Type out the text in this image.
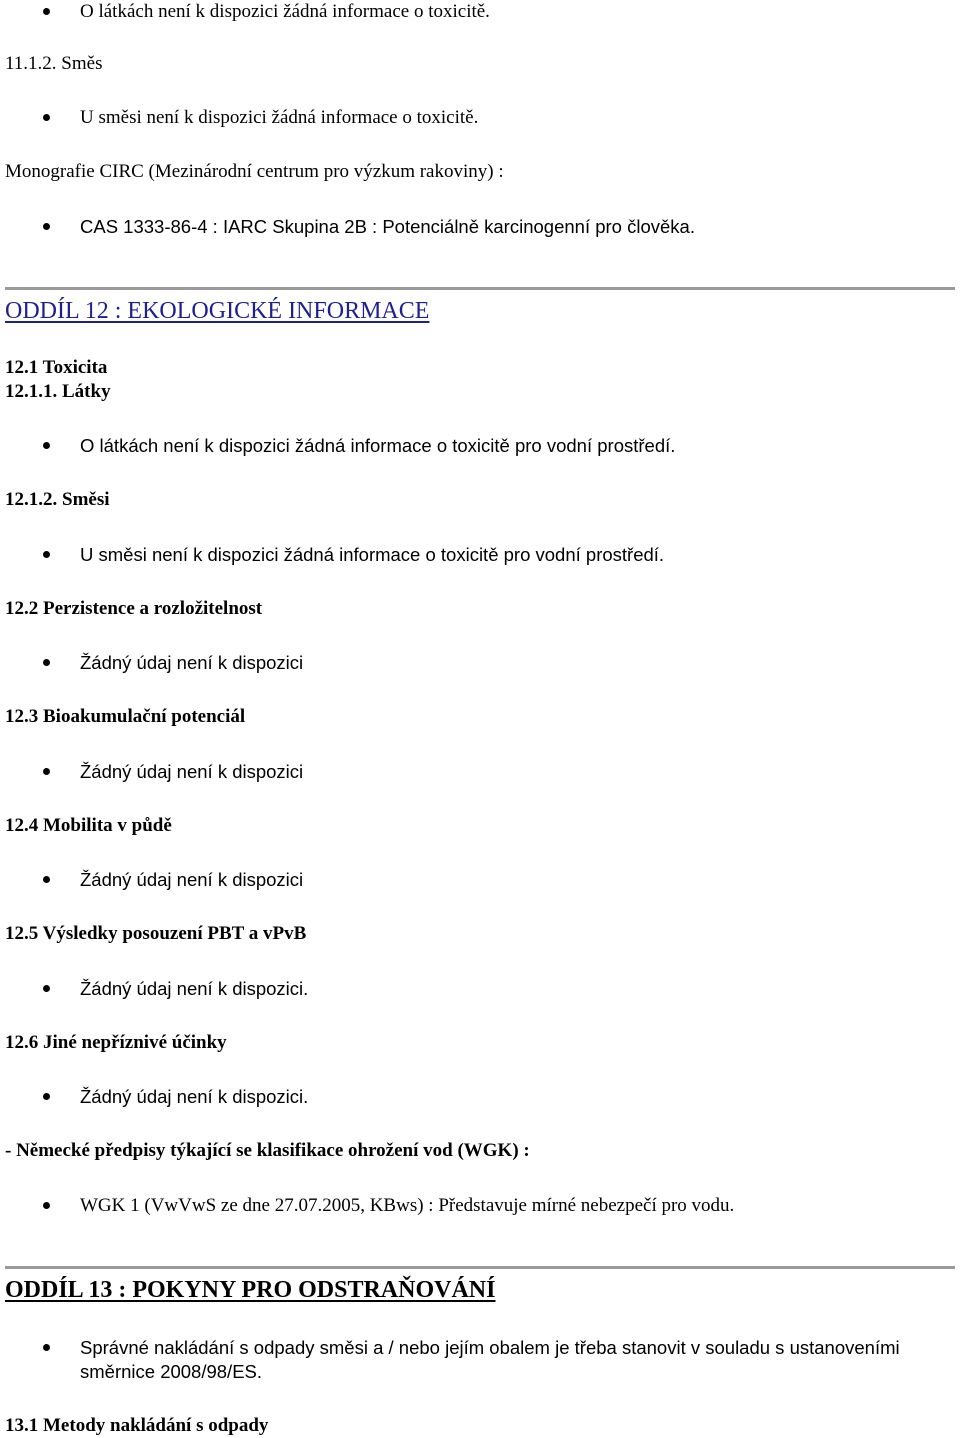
O látkách není k dispozici žádná informace o toxicitě.
11.1.2. Směs
U směsi není k dispozici žádná informace o toxicitě.
Monografie CIRC (Mezinárodní centrum pro výzkum rakoviny) :
CAS 1333-86-4 : IARC Skupina 2B : Potenciálně karcinogenní pro člověka.
ODDÍL 12 : EKOLOGICKÉ INFORMACE
12.1 Toxicita
12.1.1. Látky
O látkách není k dispozici žádná informace o toxicitě pro vodní prostředí.
12.1.2. Směsi
U směsi není k dispozici žádná informace o toxicitě pro vodní prostředí.
12.2 Perzistence a rozložitelnost
Žádný údaj není k dispozici
12.3 Bioakumulační potenciál
Žádný údaj není k dispozici
12.4 Mobilita v půdě
Žádný údaj není k dispozici
12.5 Výsledky posouzení PBT a vPvB
Žádný údaj není k dispozici.
12.6 Jiné nepříznivé účinky
Žádný údaj není k dispozici.
- Německé předpisy týkající se klasifikace ohrožení vod (WGK) :
WGK 1 (VwVwS ze dne 27.07.2005, KBws) : Představuje mírné nebezpečí pro vodu.
ODDÍL 13 : POKYNY PRO ODSTRAŇOVÁNÍ
Správné nakládání s odpady směsi a / nebo jejím obalem je třeba stanovit v souladu s ustanoveními směrnice 2008/98/ES.
13.1 Metody nakládání s odpady
